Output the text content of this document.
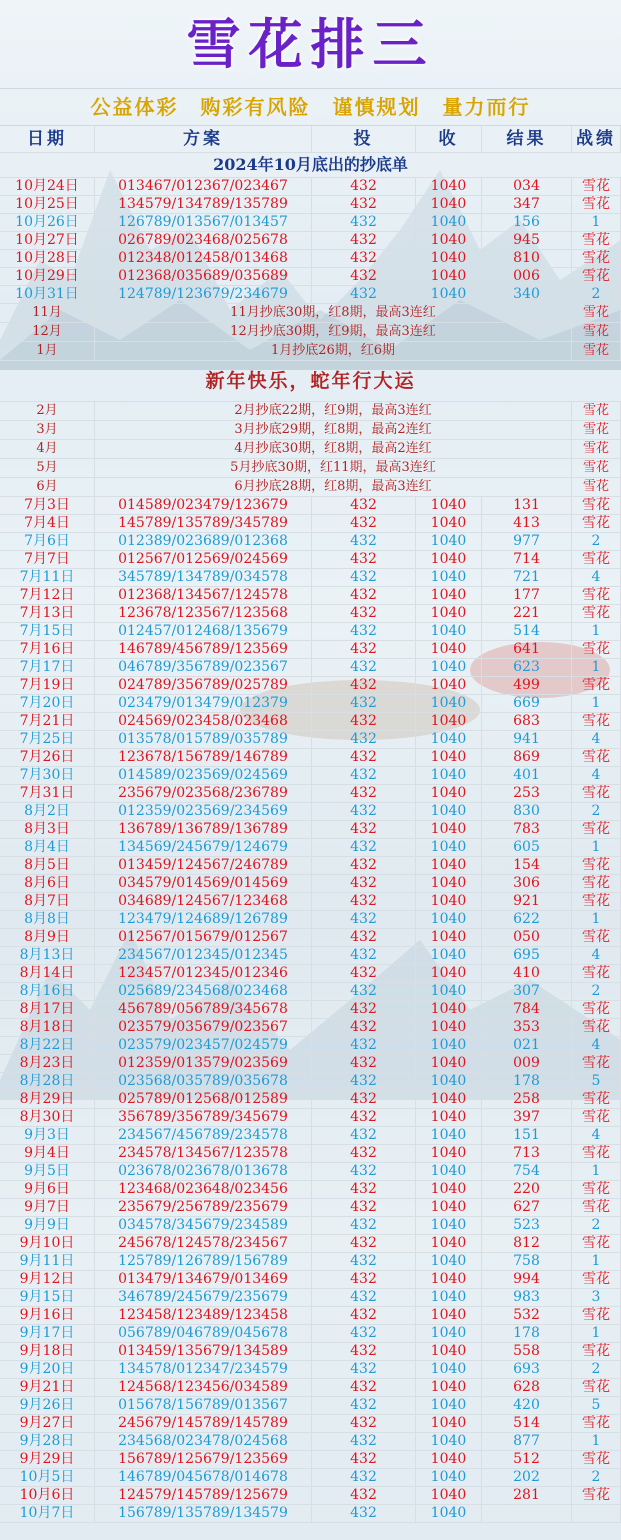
雪花排三
公益体彩　购彩有风险　谨慎规划　量力而行
日期	方案	投	收	结果	战绩
2024年10月底出的抄底单
10月24日	013467/012367/023467	432	1040	034	雪花
10月25日	134579/134789/135789	432	1040	347	雪花
10月26日	126789/013567/013457	432	1040	156	1
10月27日	026789/023468/025678	432	1040	945	雪花
10月28日	012348/012458/013468	432	1040	810	雪花
10月29日	012368/035689/035689	432	1040	006	雪花
10月31日	124789/123679/234679	432	1040	340	2
11月	11月抄底30期，红8期，最高3连红	雪花
12月	12月抄底30期，红9期，最高3连红	雪花
1月	1月抄底26期，红6期	雪花
新年快乐，蛇年行大运
2月	2月抄底22期，红9期，最高3连红	雪花
3月	3月抄底29期，红8期，最高2连红	雪花
4月	4月抄底30期，红8期，最高2连红	雪花
5月	5月抄底30期，红11期，最高3连红	雪花
6月	6月抄底28期，红8期，最高3连红	雪花
7月3日	014589/023479/123679	432	1040	131	雪花
7月4日	145789/135789/345789	432	1040	413	雪花
7月6日	012389/023689/012368	432	1040	977	2
7月7日	012567/012569/024569	432	1040	714	雪花
7月11日	345789/134789/034578	432	1040	721	4
7月12日	012368/134567/124578	432	1040	177	雪花
7月13日	123678/123567/123568	432	1040	221	雪花
7月15日	012457/012468/135679	432	1040	514	1
7月16日	146789/456789/123569	432	1040	641	雪花
7月17日	046789/356789/023567	432	1040	623	1
7月19日	024789/356789/025789	432	1040	499	雪花
7月20日	023479/013479/012379	432	1040	669	1
7月21日	024569/023458/023468	432	1040	683	雪花
7月25日	013578/015789/035789	432	1040	941	4
7月26日	123678/156789/146789	432	1040	869	雪花
7月30日	014589/023569/024569	432	1040	401	4
7月31日	235679/023568/236789	432	1040	253	雪花
8月2日	012359/023569/234569	432	1040	830	2
8月3日	136789/136789/136789	432	1040	783	雪花
8月4日	134569/245679/124679	432	1040	605	1
8月5日	013459/124567/246789	432	1040	154	雪花
8月6日	034579/014569/014569	432	1040	306	雪花
8月7日	034689/124567/123468	432	1040	921	雪花
8月8日	123479/124689/126789	432	1040	622	1
8月9日	012567/015679/012567	432	1040	050	雪花
8月13日	234567/012345/012345	432	1040	695	4
8月14日	123457/012345/012346	432	1040	410	雪花
8月16日	025689/234568/023468	432	1040	307	2
8月17日	456789/056789/345678	432	1040	784	雪花
8月18日	023579/035679/023567	432	1040	353	雪花
8月22日	023579/023457/024579	432	1040	021	4
8月23日	012359/013579/023569	432	1040	009	雪花
8月28日	023568/035789/035678	432	1040	178	5
8月29日	025789/012568/012589	432	1040	258	雪花
8月30日	356789/356789/345679	432	1040	397	雪花
9月3日	234567/456789/234578	432	1040	151	4
9月4日	234578/134567/123578	432	1040	713	雪花
9月5日	023678/023678/013678	432	1040	754	1
9月6日	123468/023648/023456	432	1040	220	雪花
9月7日	235679/256789/235679	432	1040	627	雪花
9月9日	034578/345679/234589	432	1040	523	2
9月10日	245678/124578/234567	432	1040	812	雪花
9月11日	125789/126789/156789	432	1040	758	1
9月12日	013479/134679/013469	432	1040	994	雪花
9月15日	346789/245679/235679	432	1040	983	3
9月16日	123458/123489/123458	432	1040	532	雪花
9月17日	056789/046789/045678	432	1040	178	1
9月18日	013459/135679/134589	432	1040	558	雪花
9月20日	134578/012347/234579	432	1040	693	2
9月21日	124568/123456/034589	432	1040	628	雪花
9月26日	015678/156789/013567	432	1040	420	5
9月27日	245679/145789/145789	432	1040	514	雪花
9月28日	234568/023478/024568	432	1040	877	1
9月29日	156789/125679/123569	432	1040	512	雪花
10月5日	146789/045678/014678	432	1040	202	2
10月6日	124579/145789/125679	432	1040	281	雪花
10月7日	156789/135789/134579	432	1040
